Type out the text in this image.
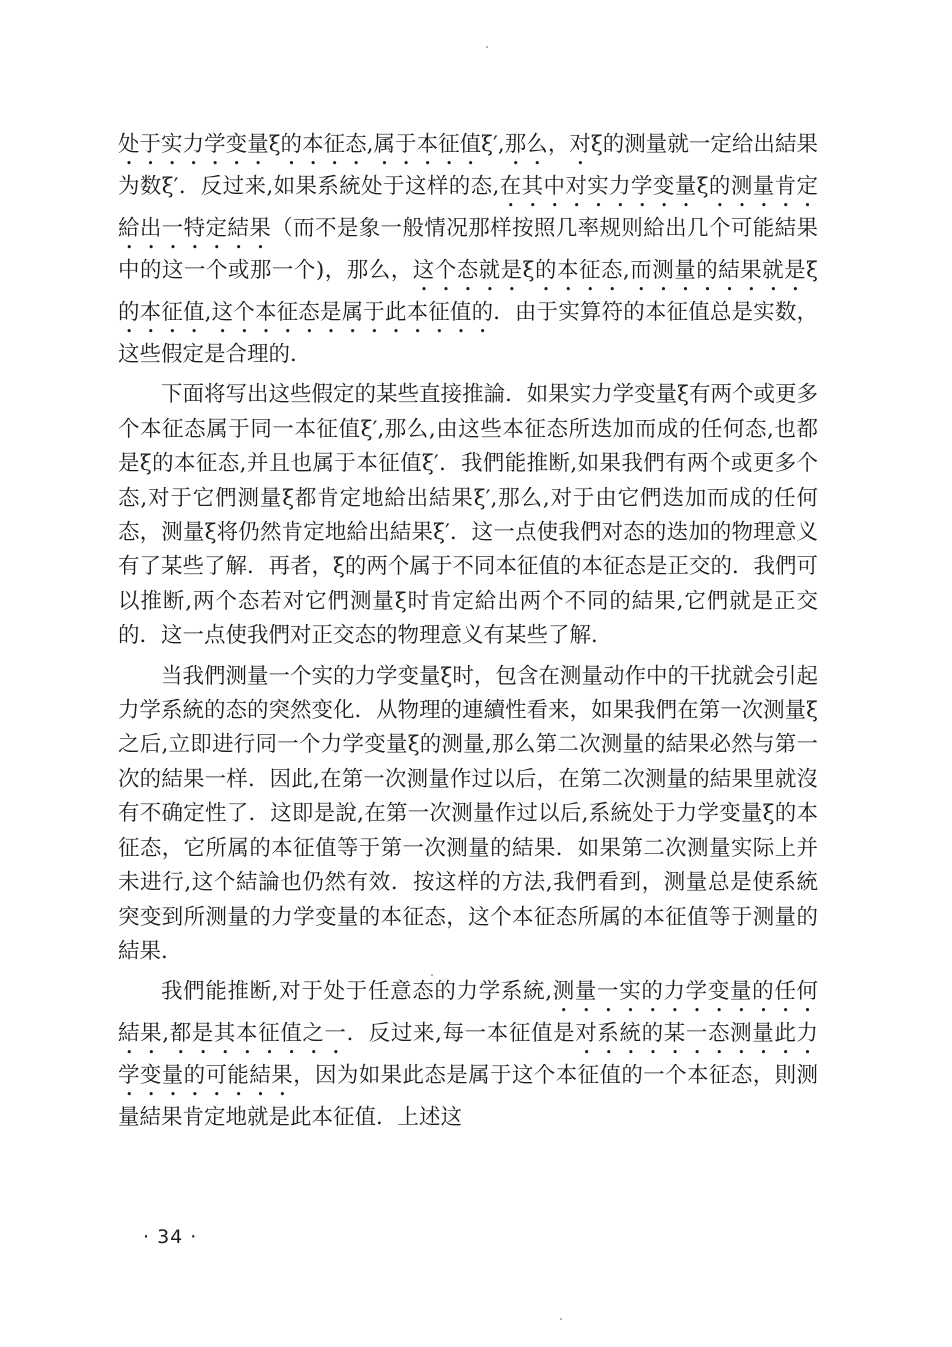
处于实力学变量ξ的本征态,属于本征值ξ′,那么，对ξ的测量就一定给出結果为数ξ′．反过来,如果系統处于这样的态,在其中对实力学变量ξ的测量肯定給出一特定結果（而不是象一般情况那样按照几率规则給出几个可能結果中的这一个或那一个)，那么，这个态就是ξ的本征态,而测量的結果就是ξ的本征值,这个本征态是属于此本征值的．由于实算符的本征值总是实数，这些假定是合理的．

下面将写出这些假定的某些直接推論．如果实力学变量ξ有两个或更多个本征态属于同一本征值ξ′,那么,由这些本征态所迭加而成的任何态,也都是ξ的本征态,并且也属于本征值ξ′．我們能推断,如果我們有两个或更多个态,对于它們测量ξ都肯定地給出結果ξ′,那么,对于由它們迭加而成的任何态，测量ξ将仍然肯定地給出結果ξ′．这一点使我們对态的迭加的物理意义有了某些了解．再者，ξ的两个属于不同本征值的本征态是正交的．我們可以推断,两个态若对它們测量ξ时肯定給出两个不同的結果,它們就是正交的．这一点使我們对正交态的物理意义有某些了解．

当我們测量一个实的力学变量ξ时，包含在测量动作中的干扰就会引起力学系統的态的突然变化．从物理的連續性看来，如果我們在第一次测量ξ之后,立即进行同一个力学变量ξ的测量,那么第二次测量的結果必然与第一次的結果一样．因此,在第一次测量作过以后，在第二次测量的結果里就沒有不确定性了．这即是說,在第一次测量作过以后,系統处于力学变量ξ的本征态，它所属的本征值等于第一次测量的結果．如果第二次测量实际上并未进行,这个結論也仍然有效．按这样的方法,我們看到，测量总是使系統突变到所测量的力学变量的本征态，这个本征态所属的本征值等于测量的結果．

我們能推断,对于处于任意态的力学系統,测量一实的力学变量的任何結果,都是其本征值之一．反过来,每一本征值是对系統的某一态测量此力学变量的可能結果，因为如果此态是属于这个本征值的一个本征态，則测量結果肯定地就是此本征值．上述这

· 34 ·
